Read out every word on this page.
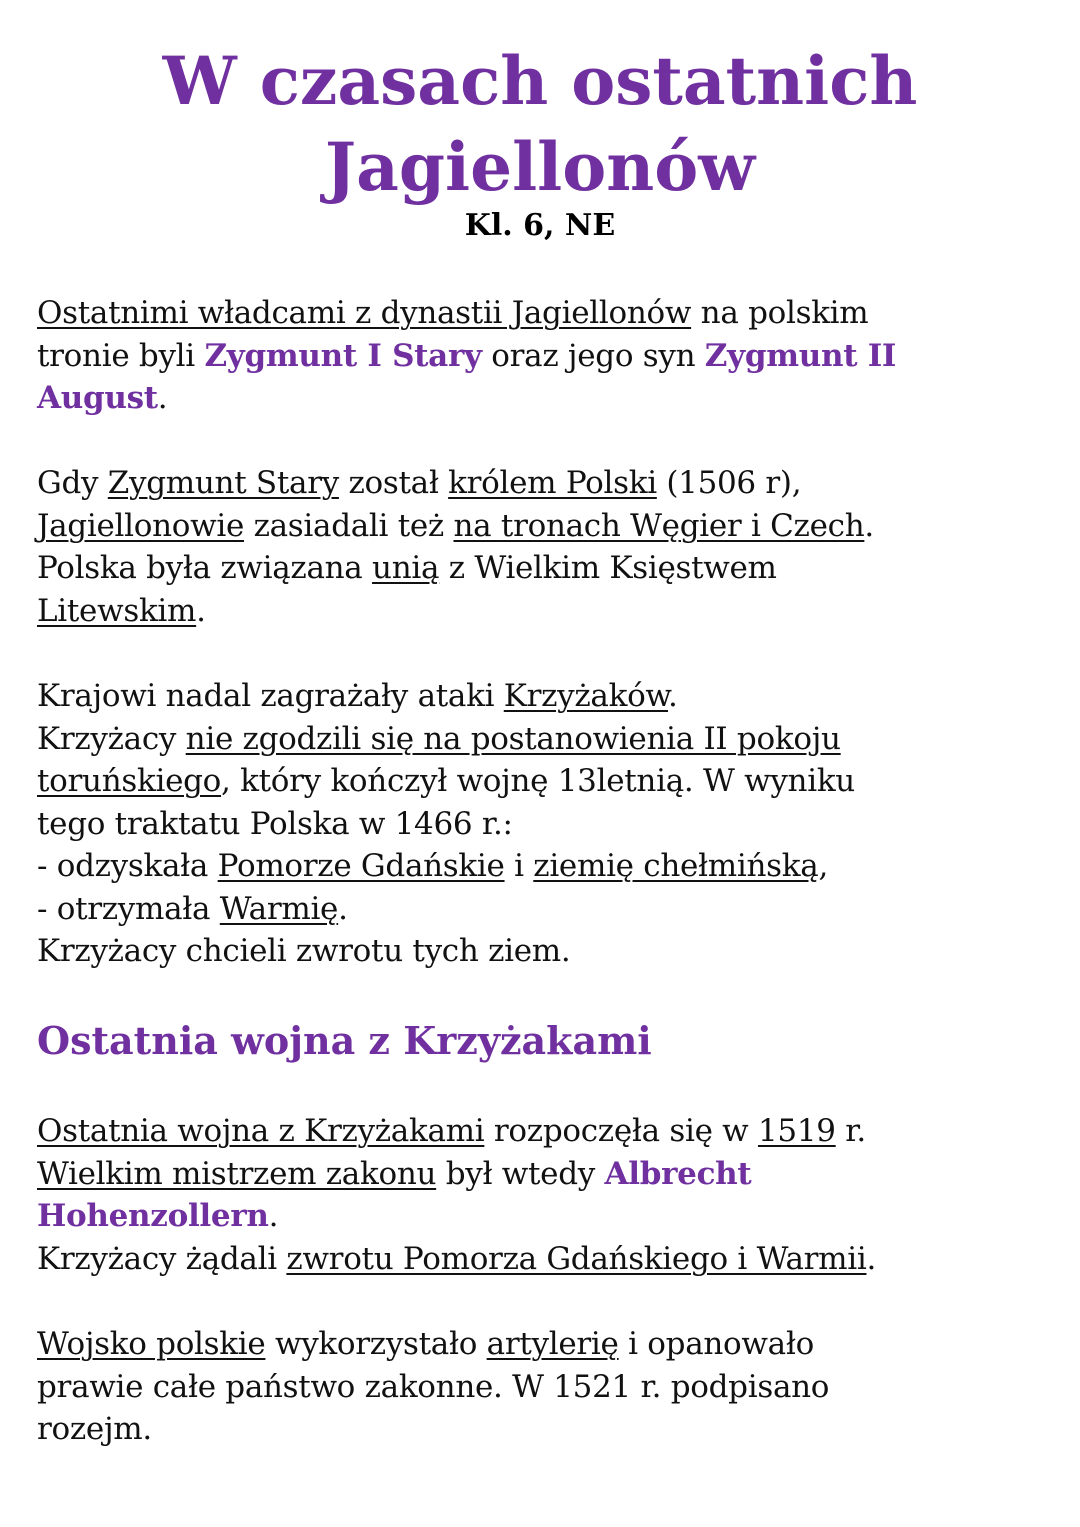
W czasach ostatnich
Jagiellonów
Kl. 6, NE
Ostatnimi władcami z dynastii Jagiellonów na polskim
tronie byli Zygmunt I Stary oraz jego syn Zygmunt II
August.
Gdy Zygmunt Stary został królem Polski (1506 r),
Jagiellonowie zasiadali też na tronach Węgier i Czech.
Polska była związana unią z Wielkim Księstwem
Litewskim.
Krajowi nadal zagrażały ataki Krzyżaków.
Krzyżacy nie zgodzili się na postanowienia II pokoju
toruńskiego, który kończył wojnę 13letnią. W wyniku
tego traktatu Polska w 1466 r.:
- odzyskała Pomorze Gdańskie i ziemię chełmińską,
- otrzymała Warmię.
Krzyżacy chcieli zwrotu tych ziem.
Ostatnia wojna z Krzyżakami
Ostatnia wojna z Krzyżakami rozpoczęła się w 1519 r.
Wielkim mistrzem zakonu był wtedy Albrecht
Hohenzollern.
Krzyżacy żądali zwrotu Pomorza Gdańskiego i Warmii.
Wojsko polskie wykorzystało artylerię i opanowało
prawie całe państwo zakonne. W 1521 r. podpisano
rozejm.
